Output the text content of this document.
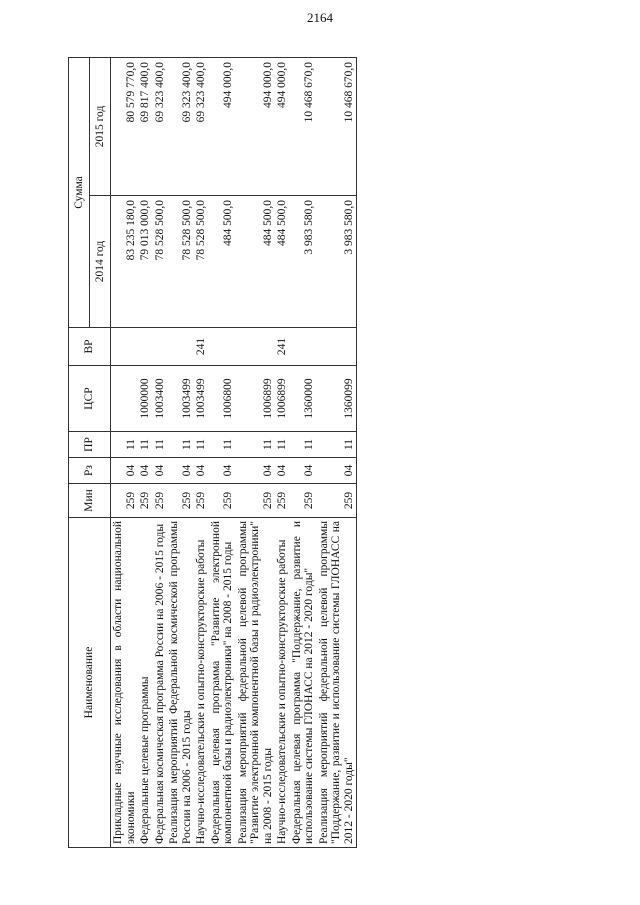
2164
Наименование	Мин	Рз	ПР	ЦСР	ВР	Сумма	
						2014 год	2015 год
Прикладные научные исследования в области национальной экономики	259	04	11			83 235 180,0	80 579 770,0
Федеральные целевые программы	259	04	11	1000000		79 013 000,0	69 817 400,0
Федеральная космическая программа России на 2006 - 2015 годы	259	04	11	1003400		78 528 500,0	69 323 400,0
Реализация мероприятий Федеральной космической программы России на 2006 - 2015 годы	259	04	11	1003499		78 528 500,0	69 323 400,0
Научно-исследовательские и опытно-конструкторские работы	259	04	11	1003499	241	78 528 500,0	69 323 400,0
Федеральная целевая программа "Развитие электронной компонентной базы и радиоэлектроники" на 2008 - 2015 годы	259	04	11	1006800		484 500,0	494 000,0
Реализация мероприятий федеральной целевой программы "Развитие электронной компонентной базы и радиоэлектроники" на 2008 - 2015 годы	259	04	11	1006899		484 500,0	494 000,0
Научно-исследовательские и опытно-конструкторские работы	259	04	11	1006899	241	484 500,0	494 000,0
Федеральная целевая программа "Поддержание, развитие и использование системы ГЛОНАСС на 2012 - 2020 годы"	259	04	11	1360000		3 983 580,0	10 468 670,0
Реализация мероприятий федеральной целевой программы "Поддержание, развитие и использование системы ГЛОНАСС на 2012 - 2020 годы"	259	04	11	1360099		3 983 580,0	10 468 670,0
